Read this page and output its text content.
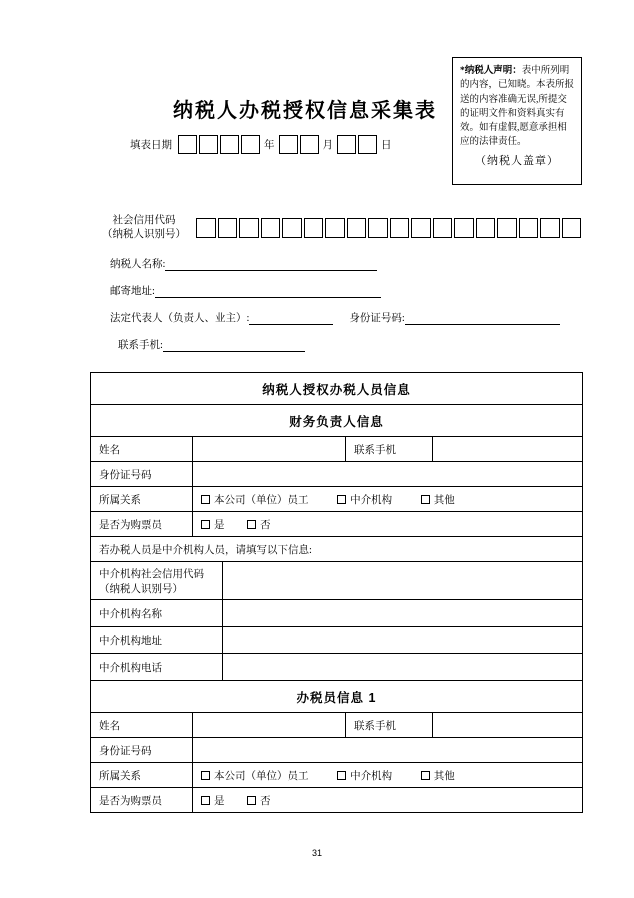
*纳税人声明：表中所列明的内容，已知晓。本表所报送的内容准确无误,所提交的证明文件和资料真实有效。如有虚假,愿意承担相应的法律责任。
（纳税人盖章）
纳税人办税授权信息采集表
填表日期	年	月	日
社会信用代码
（纳税人识别号）
纳税人名称:
邮寄地址:
法定代表人（负责人、业主）:	身份证号码:
联系手机:
纳税人授权办税人员信息				
财务负责人信息				
姓名			联系手机	
身份证号码				
所属关系	本公司（单位）员工 中介机构 其他			
是否为购票员	是 否			
若办税人员是中介机构人员，请填写以下信息:				
中介机构社会信用代码（纳税人识别号）				
中介机构名称				
中介机构地址				
中介机构电话				
办税员信息 1				
姓名			联系手机	
身份证号码				
所属关系	本公司（单位）员工 中介机构 其他			
是否为购票员	是 否			
31
